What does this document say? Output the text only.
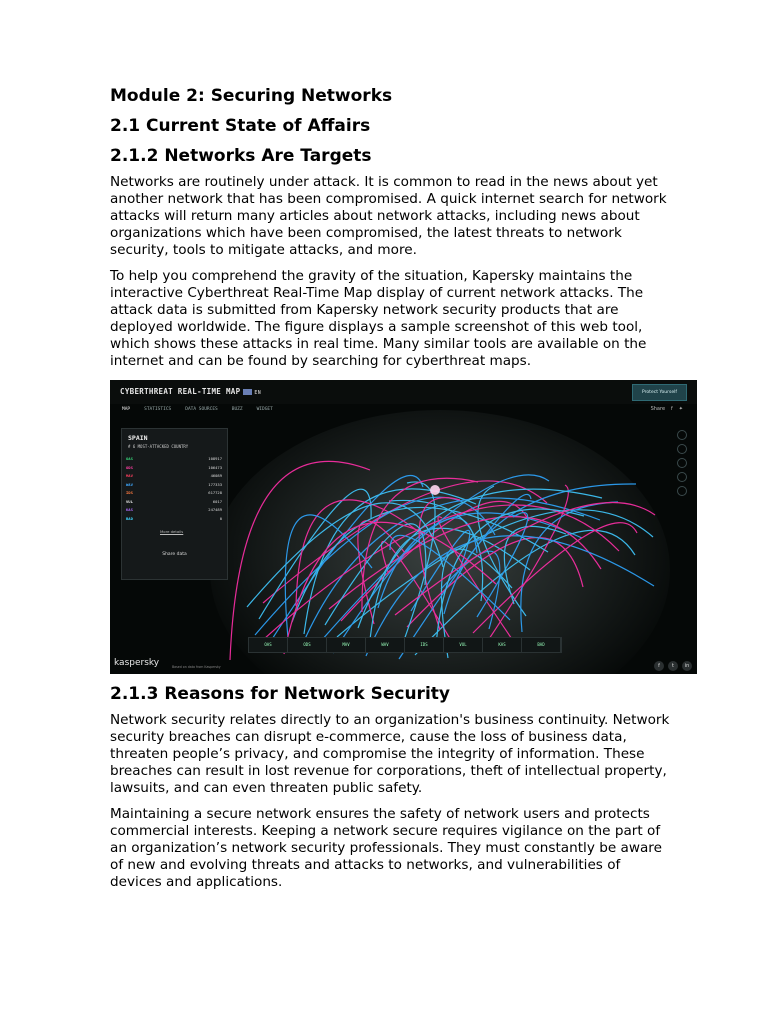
Module 2: Securing Networks
2.1 Current State of Affairs
2.1.2 Networks Are Targets

Networks are routinely under attack. It is common to read in the news about yet another network that has been compromised. A quick internet search for network attacks will return many articles about network attacks, including news about organizations which have been compromised, the latest threats to network security, tools to mitigate attacks, and more.

To help you comprehend the gravity of the situation, Kapersky maintains the interactive Cyberthreat Real-Time Map display of current network attacks. The attack data is submitted from Kapersky network security products that are deployed worldwide. The figure displays a sample screenshot of this web tool, which shows these attacks in real time. Many similar tools are available on the internet and can be found by searching for cyberthreat maps.

CYBERTHREAT REAL-TIME MAP	EN	Protect Yourself
MAP	STATISTICS	DATA SOURCES	BUZZ	WIDGET	Share f ✦
SPAIN
# 6 MOST-ATTACKED COUNTRY
OAS	108917
ODS	106473
MAV	46089
WAV	177333
IDS	617728
VUL	6017
KAS	247489
BAD	0
More details
Share data
OAS	ODS	MAV	WAV	IDS	VUL	KAS	BAD
kaspersky	Based on data from Kaspersky	f	t	in
2.1.3 Reasons for Network Security

Network security relates directly to an organization's business continuity. Network security breaches can disrupt e-commerce, cause the loss of business data, threaten people’s privacy, and compromise the integrity of information. These breaches can result in lost revenue for corporations, theft of intellectual property, lawsuits, and can even threaten public safety.

Maintaining a secure network ensures the safety of network users and protects commercial interests. Keeping a network secure requires vigilance on the part of an organization’s network security professionals. They must constantly be aware of new and evolving threats and attacks to networks, and vulnerabilities of devices and applications.
